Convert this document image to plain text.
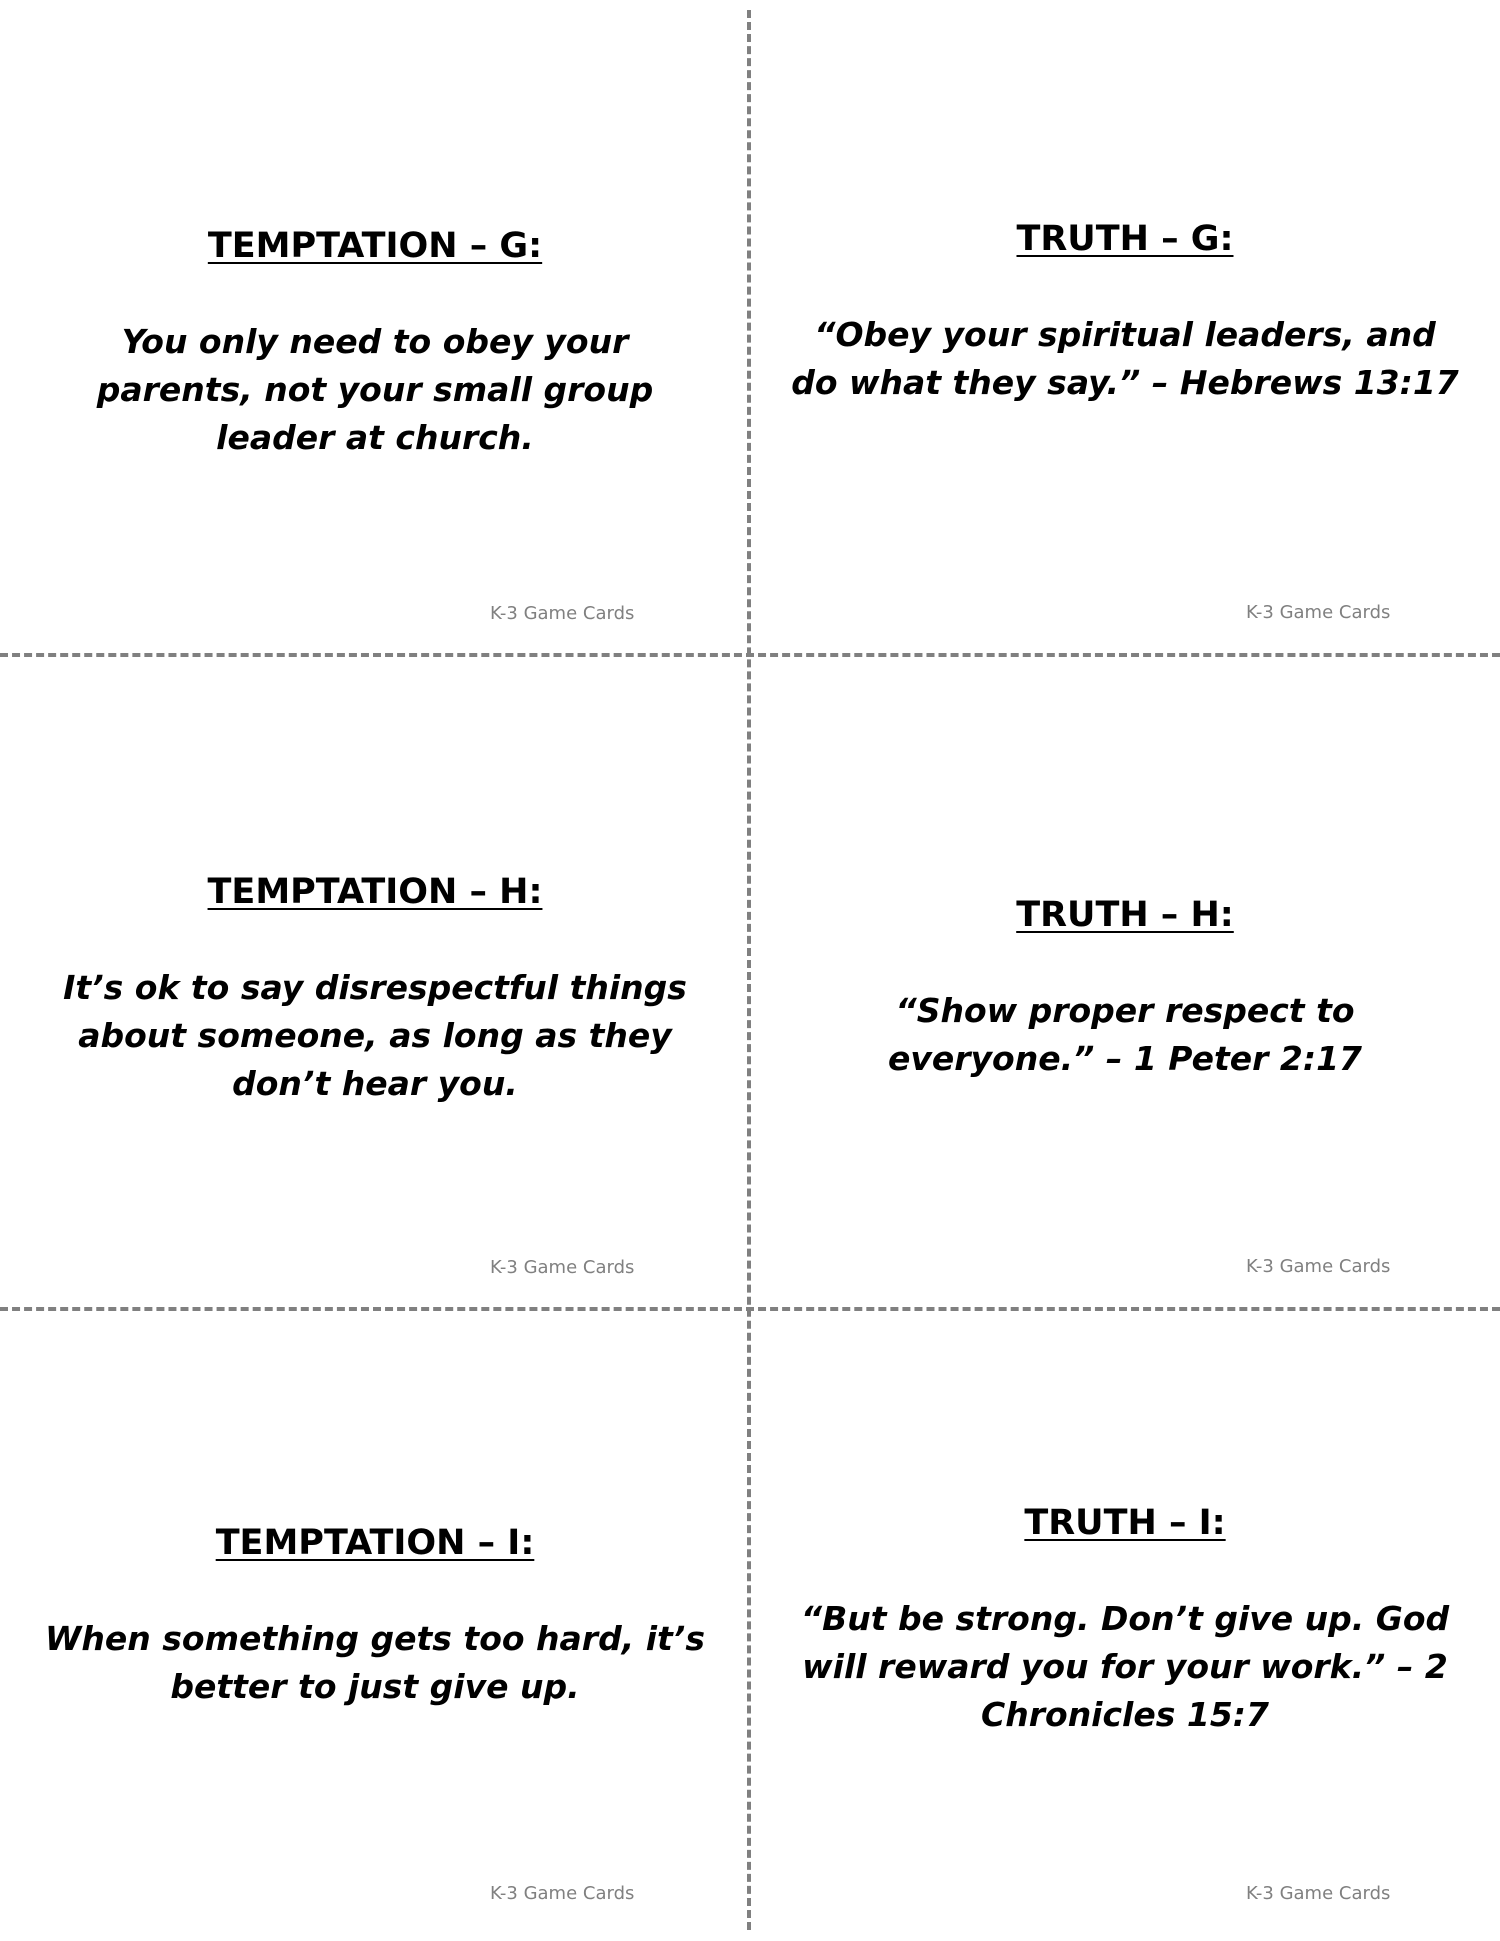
TEMPTATION – G:

You only need to obey your parents, not your small group leader at church.

K-3 Game Cards
TRUTH – G:

“Obey your spiritual leaders, and do what they say.” – Hebrews 13:17

K-3 Game Cards
TEMPTATION – H:

It’s ok to say disrespectful things about someone, as long as they don’t hear you.

K-3 Game Cards
TRUTH – H:

“Show proper respect to everyone.” – 1 Peter 2:17

K-3 Game Cards
TEMPTATION – I:

When something gets too hard, it’s better to just give up.

K-3 Game Cards
TRUTH – I:

“But be strong. Don’t give up. God will reward you for your work.” – 2 Chronicles 15:7

K-3 Game Cards
